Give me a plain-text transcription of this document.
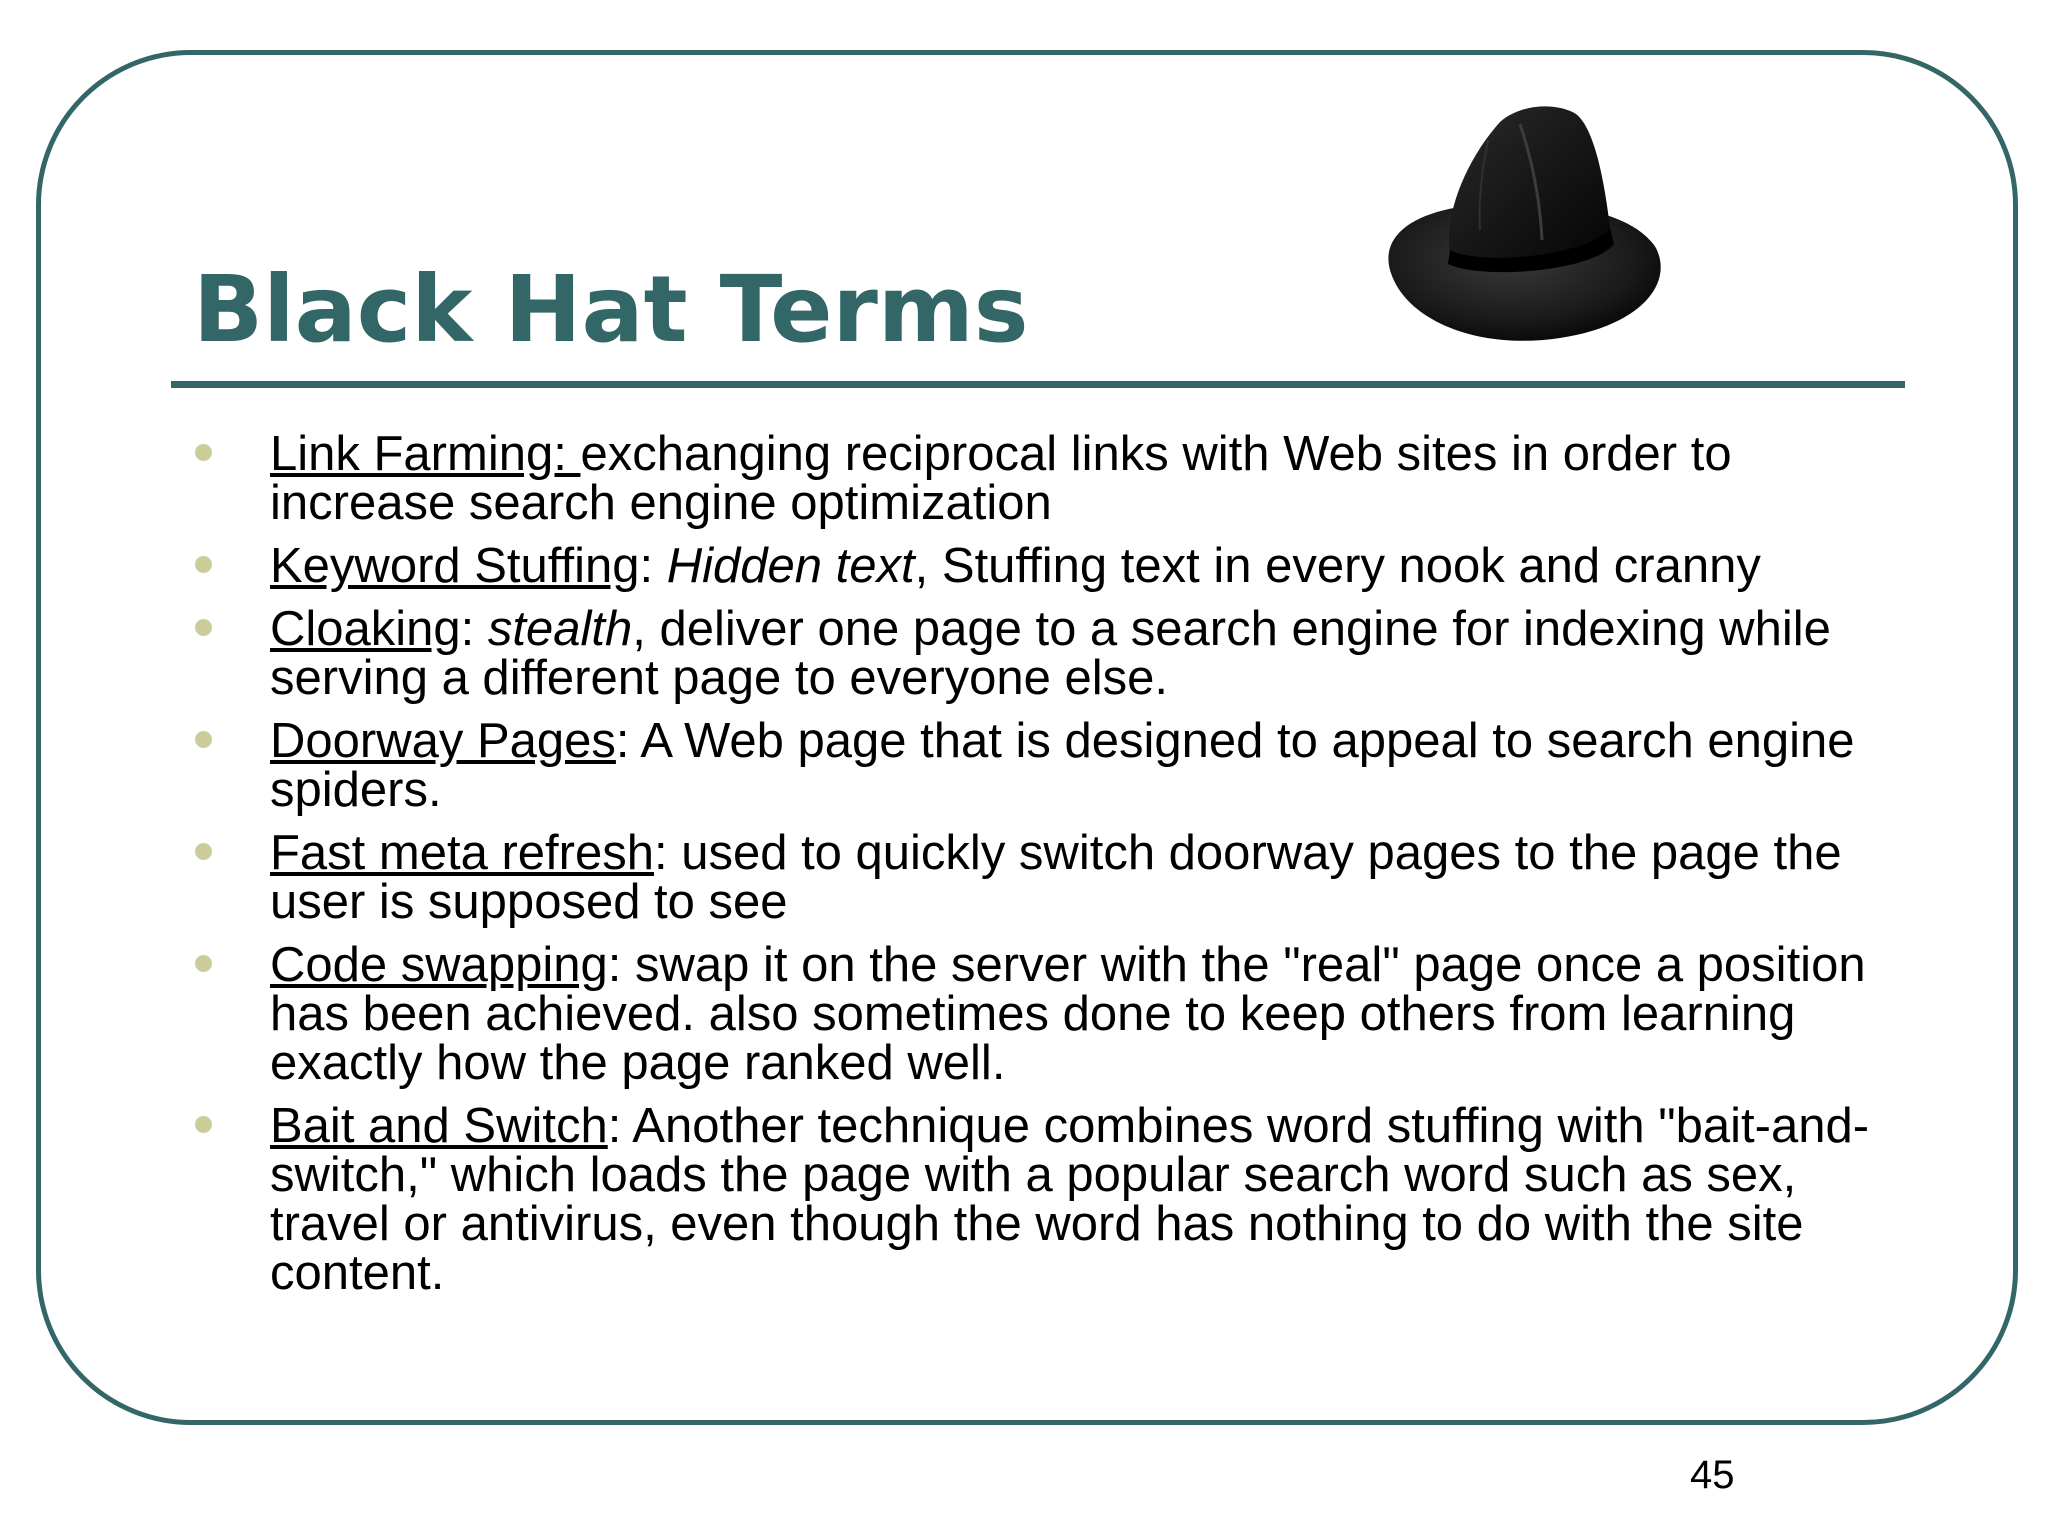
Black Hat Terms
Link Farming: exchanging reciprocal links with Web sites in order to increase search engine optimization
Keyword Stuffing: Hidden text, Stuffing text in every nook and cranny
Cloaking: stealth, deliver one page to a search engine for indexing while serving a different page to everyone else.
Doorway Pages: A Web page that is designed to appeal to search engine spiders.
Fast meta refresh: used to quickly switch doorway pages to the page the user is supposed to see
Code swapping: swap it on the server with the "real" page once a position has been achieved. also sometimes done to keep others from learning exactly how the page ranked well.
Bait and Switch: Another technique combines word stuffing with "bait-and-switch," which loads the page with a popular search word such as sex, travel or antivirus, even though the word has nothing to do with the site content.
45
